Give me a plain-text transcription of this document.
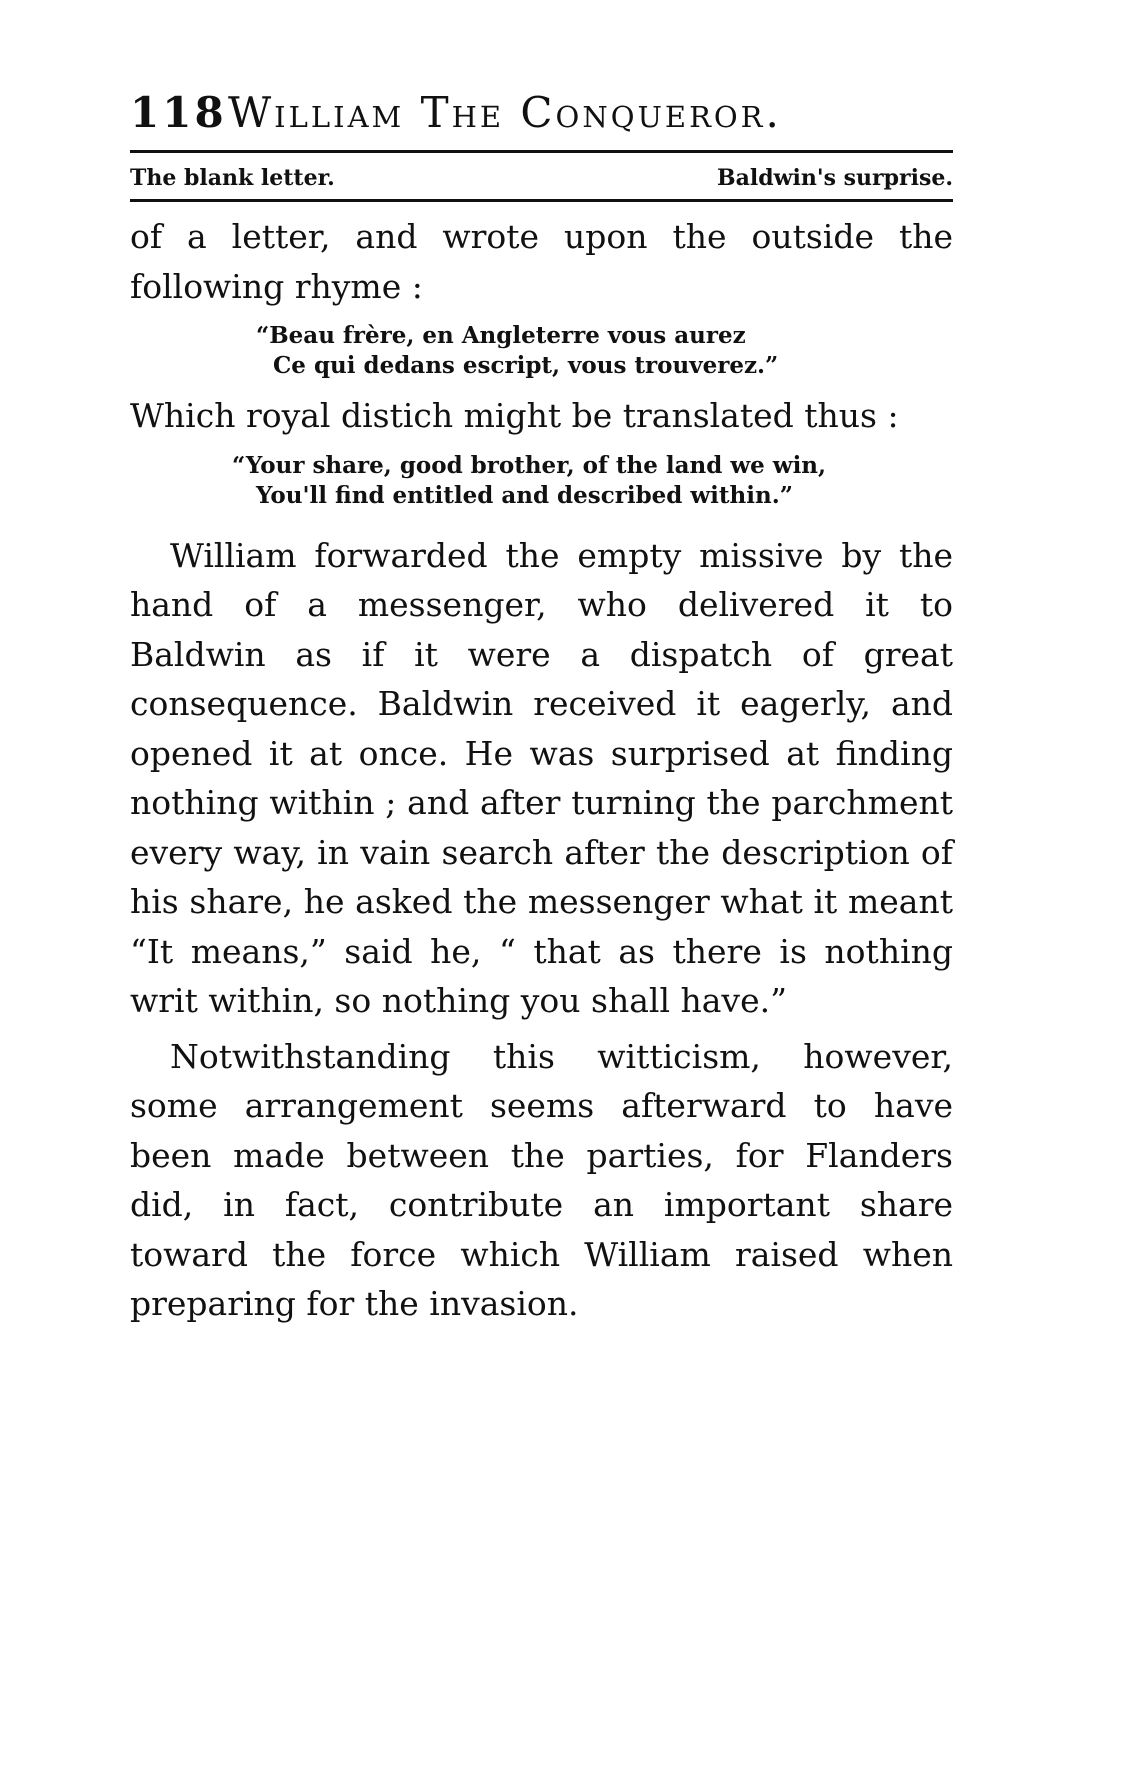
118 William The Conqueror.
The blank letter.	Baldwin's surprise.

of a letter, and wrote upon the outside the following rhyme :

“Beau frère, en Angleterre vous aurez
Ce qui dedans escript, vous trouverez.”

Which royal distich might be translated thus :

“Your share, good brother, of the land we win,
You'll find entitled and described within.”

William forwarded the empty missive by the hand of a messenger, who delivered it to Baldwin as if it were a dispatch of great consequence. Baldwin received it eagerly, and opened it at once. He was surprised at finding nothing within ; and after turning the parchment every way, in vain search after the description of his share, he asked the messenger what it meant “It means,” said he, “ that as there is nothing writ within, so nothing you shall have.”

Notwithstanding this witticism, however, some arrangement seems afterward to have been made between the parties, for Flanders did, in fact, contribute an important share toward the force which William raised when preparing for the invasion.
